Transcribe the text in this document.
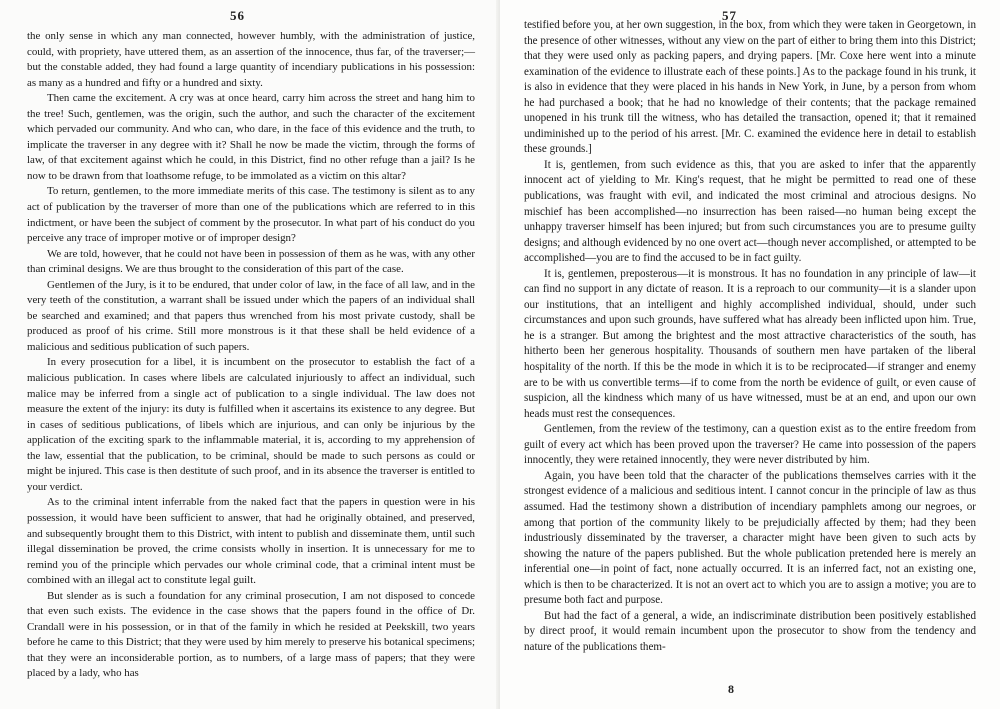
56

the only sense in which any man connected, however humbly, with the administration of justice, could, with propriety, have uttered them, as an assertion of the innocence, thus far, of the traverser;—but the constable added, they had found a large quantity of incendiary publications in his possession: as many as a hundred and fifty or a hundred and sixty.

Then came the excitement. A cry was at once heard, carry him across the street and hang him to the tree! Such, gentlemen, was the origin, such the author, and such the character of the excitement which pervaded our community. And who can, who dare, in the face of this evidence and the truth, to implicate the traverser in any degree with it? Shall he now be made the victim, through the forms of law, of that excitement against which he could, in this District, find no other refuge than a jail? Is he now to be drawn from that loathsome refuge, to be immolated as a victim on this altar?

To return, gentlemen, to the more immediate merits of this case. The testimony is silent as to any act of publication by the traverser of more than one of the publications which are referred to in this indictment, or have been the subject of comment by the prosecutor. In what part of his conduct do you perceive any trace of improper motive or of improper design?

We are told, however, that he could not have been in possession of them as he was, with any other than criminal designs. We are thus brought to the consideration of this part of the case.

Gentlemen of the Jury, is it to be endured, that under color of law, in the face of all law, and in the very teeth of the constitution, a warrant shall be issued under which the papers of an individual shall be searched and examined; and that papers thus wrenched from his most private custody, shall be produced as proof of his crime. Still more monstrous is it that these shall be held evidence of a malicious and seditious publication of such papers.

In every prosecution for a libel, it is incumbent on the prosecutor to establish the fact of a malicious publication. In cases where libels are calculated injuriously to affect an individual, such malice may be inferred from a single act of publication to a single individual. The law does not measure the extent of the injury: its duty is fulfilled when it ascertains its existence to any degree. But in cases of seditious publications, of libels which are injurious, and can only be injurious by the application of the exciting spark to the inflammable material, it is, according to my apprehension of the law, essential that the publication, to be criminal, should be made to such persons as could or might be injured. This case is then destitute of such proof, and in its absence the traverser is entitled to your verdict.

As to the criminal intent inferrable from the naked fact that the papers in question were in his possession, it would have been sufficient to answer, that had he originally obtained, and preserved, and subsequently brought them to this District, with intent to publish and disseminate them, until such illegal dissemination be proved, the crime consists wholly in insertion. It is unnecessary for me to remind you of the principle which pervades our whole criminal code, that a criminal intent must be combined with an illegal act to constitute legal guilt.

But slender as is such a foundation for any criminal prosecution, I am not disposed to concede that even such exists. The evidence in the case shows that the papers found in the office of Dr. Crandall were in his possession, or in that of the family in which he resided at Peekskill, two years before he came to this District; that they were used by him merely to preserve his botanical specimens; that they were an inconsiderable portion, as to numbers, of a large mass of papers; that they were placed by a lady, who has

57

testified before you, at her own suggestion, in the box, from which they were taken in Georgetown, in the presence of other witnesses, without any view on the part of either to bring them into this District; that they were used only as packing papers, and drying papers. [Mr. Coxe here went into a minute examination of the evidence to illustrate each of these points.] As to the package found in his trunk, it is also in evidence that they were placed in his hands in New York, in June, by a person from whom he had purchased a book; that he had no knowledge of their contents; that the package remained unopened in his trunk till the witness, who has detailed the transaction, opened it; that it remained undiminished up to the period of his arrest. [Mr. C. examined the evidence here in detail to establish these grounds.]

It is, gentlemen, from such evidence as this, that you are asked to infer that the apparently innocent act of yielding to Mr. King's request, that he might be permitted to read one of these publications, was fraught with evil, and indicated the most criminal and atrocious designs. No mischief has been accomplished—no insurrection has been raised—no human being except the unhappy traverser himself has been injured; but from such circumstances you are to presume guilty designs; and although evidenced by no one overt act—though never accomplished, or attempted to be accomplished—you are to find the accused to be in fact guilty.

It is, gentlemen, preposterous—it is monstrous. It has no foundation in any principle of law—it can find no support in any dictate of reason. It is a reproach to our community—it is a slander upon our institutions, that an intelligent and highly accomplished individual, should, under such circumstances and upon such grounds, have suffered what has already been inflicted upon him. True, he is a stranger. But among the brightest and the most attractive characteristics of the south, has hitherto been her generous hospitality. Thousands of southern men have partaken of the liberal hospitality of the north. If this be the mode in which it is to be reciprocated—if stranger and enemy are to be with us convertible terms—if to come from the north be evidence of guilt, or even cause of suspicion, all the kindness which many of us have witnessed, must be at an end, and upon our own heads must rest the consequences.

Gentlemen, from the review of the testimony, can a question exist as to the entire freedom from guilt of every act which has been proved upon the traverser? He came into possession of the papers innocently, they were retained innocently, they were never distributed by him.

Again, you have been told that the character of the publications themselves carries with it the strongest evidence of a malicious and seditious intent. I cannot concur in the principle of law as thus assumed. Had the testimony shown a distribution of incendiary pamphlets among our negroes, or among that portion of the community likely to be prejudicially affected by them; had they been industriously disseminated by the traverser, a character might have been given to such acts by showing the nature of the papers published. But the whole publication pretended here is merely an inferential one—in point of fact, none actually occurred. It is an inferred fact, not an existing one, which is then to be characterized. It is not an overt act to which you are to assign a motive; you are to presume both fact and purpose.

But had the fact of a general, a wide, an indiscriminate distribution been positively established by direct proof, it would remain incumbent upon the prosecutor to show from the tendency and nature of the publications them-

8
